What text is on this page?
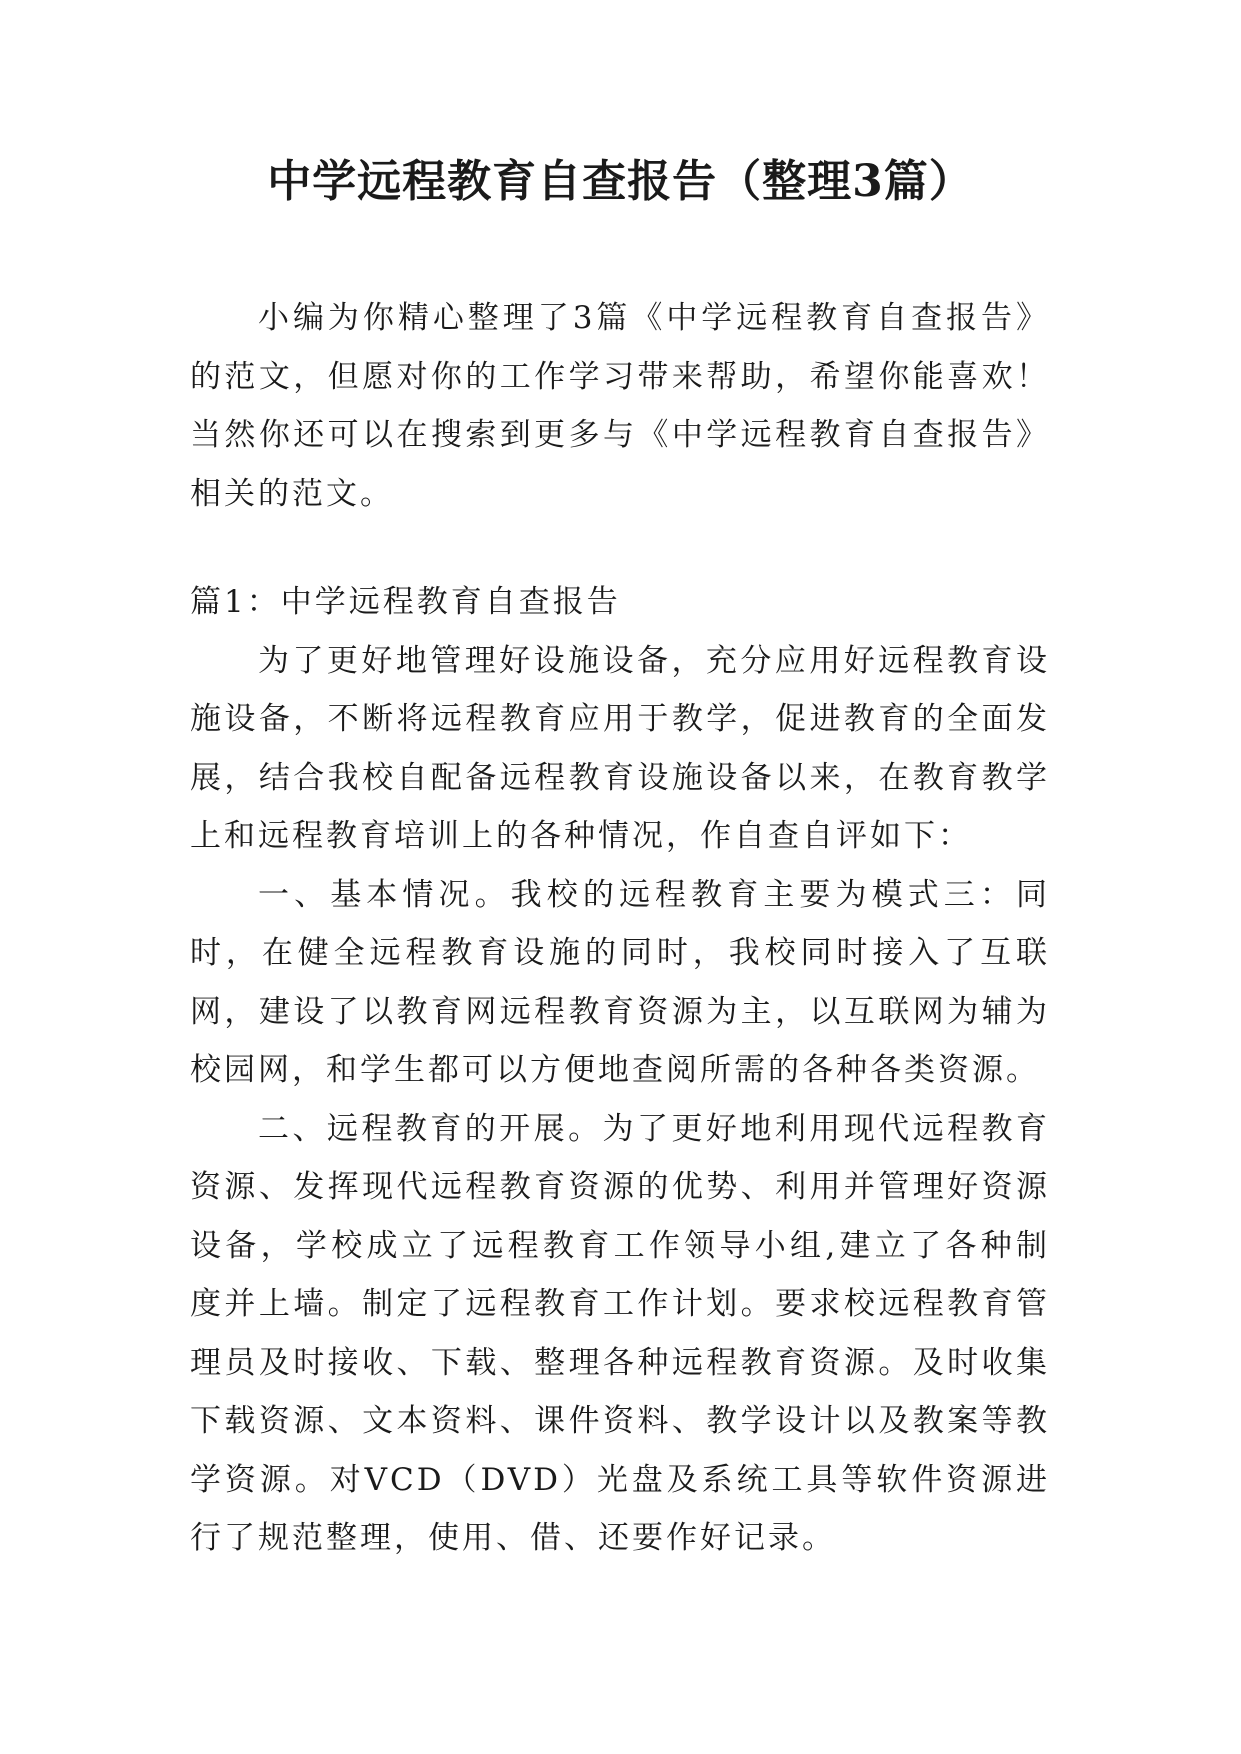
中学远程教育自查报告（整理3篇）

小编为你精心整理了3篇《中学远程教育自查报告》的范文，但愿对你的工作学习带来帮助，希望你能喜欢！当然你还可以在搜索到更多与《中学远程教育自查报告》相关的范文。

篇1：中学远程教育自查报告

为了更好地管理好设施设备，充分应用好远程教育设施设备，不断将远程教育应用于教学，促进教育的全面发展，结合我校自配备远程教育设施设备以来，在教育教学上和远程教育培训上的各种情况，作自查自评如下：

一、基本情况。我校的远程教育主要为模式三：同时，在健全远程教育设施的同时，我校同时接入了互联网，建设了以教育网远程教育资源为主，以互联网为辅为校园网，和学生都可以方便地查阅所需的各种各类资源。

二、远程教育的开展。为了更好地利用现代远程教育资源、发挥现代远程教育资源的优势、利用并管理好资源设备，学校成立了远程教育工作领导小组,建立了各种制度并上墙。制定了远程教育工作计划。要求校远程教育管理员及时接收、下载、整理各种远程教育资源。及时收集下载资源、文本资料、课件资料、教学设计以及教案等教学资源。对VCD（DVD）光盘及系统工具等软件资源进行了规范整理，使用、借、还要作好记录。
